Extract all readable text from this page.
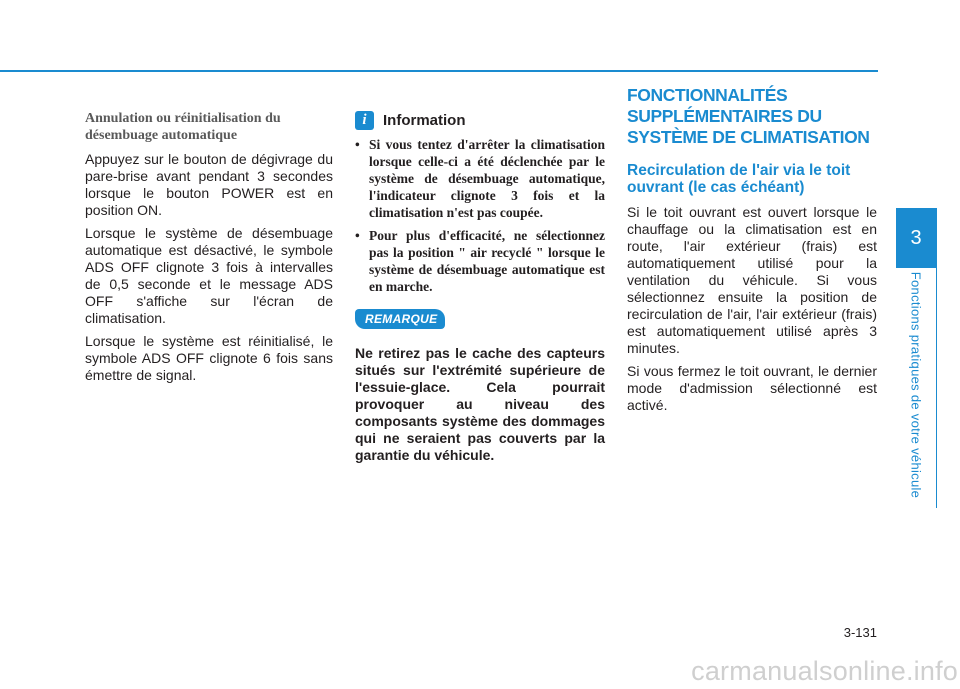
Annulation ou réinitialisation du désembuage automatique

Appuyez sur le bouton de dégivrage du pare-brise avant pendant 3 secondes lorsque le bouton POWER est en position ON.

Lorsque le système de désembuage automatique est désactivé, le symbole ADS OFF clignote 3 fois à intervalles de 0,5 seconde et le message ADS OFF s'affiche sur l'écran de climatisation.

Lorsque le système est réinitialisé, le symbole ADS OFF clignote 6 fois sans émettre de signal.

i	Information
• Si vous tentez d'arrêter la climatisation lorsque celle-ci a été déclenchée par le système de désembuage automatique, l'indicateur clignote 3 fois et la climatisation n'est pas coupée.
• Pour plus d'efficacité, ne sélectionnez pas la position " air recyclé " lorsque le système de désembuage automatique est en marche.
REMARQUE

Ne retirez pas le cache des capteurs situés sur l'extrémité supérieure de l'essuie-glace. Cela pourrait provoquer au niveau des composants système des dommages qui ne seraient pas couverts par la garantie du véhicule.

FONCTIONNALITÉS SUPPLÉMENTAIRES DU SYSTÈME DE CLIMATISATION
Recirculation de l'air via le toit ouvrant (le cas échéant)

Si le toit ouvrant est ouvert lorsque le chauffage ou la climatisation est en route, l'air extérieur (frais) est automatiquement utilisé pour la ventilation du véhicule. Si vous sélectionnez ensuite la position de recirculation de l'air, l'air extérieur (frais) est automatiquement utilisé après 3 minutes.

Si vous fermez le toit ouvrant, le dernier mode d'admission sélectionné est activé.

3
Fonctions pratiques de votre véhicule
3-131
carmanualsonline.info
